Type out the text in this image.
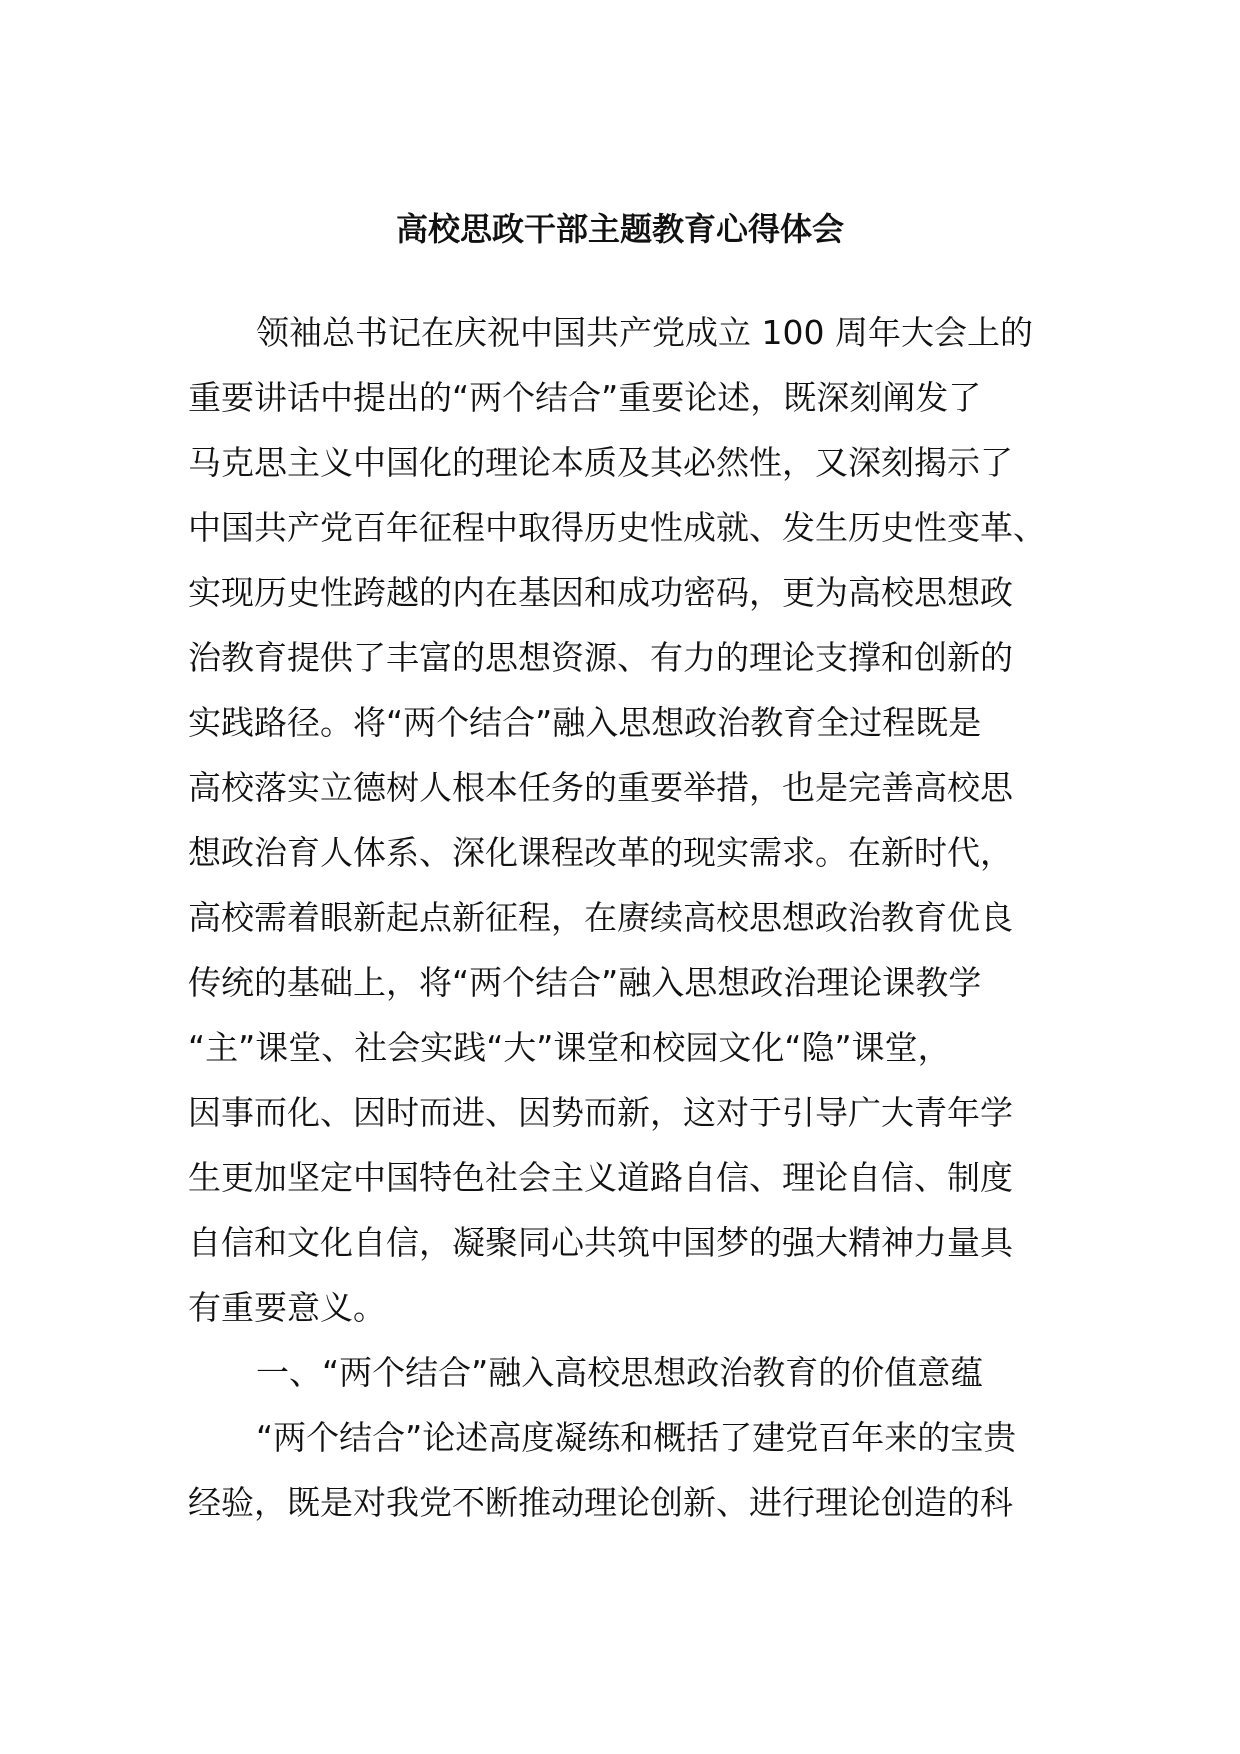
高校思政干部主题教育心得体会
领袖总书记在庆祝中国共产党成立 100 周年大会上的
重要讲话中提出的“两个结合”重要论述，既深刻阐发了
马克思主义中国化的理论本质及其必然性，又深刻揭示了
中国共产党百年征程中取得历史性成就、发生历史性变革、
实现历史性跨越的内在基因和成功密码，更为高校思想政
治教育提供了丰富的思想资源、有力的理论支撑和创新的
实践路径。将“两个结合”融入思想政治教育全过程既是
高校落实立德树人根本任务的重要举措，也是完善高校思
想政治育人体系、深化课程改革的现实需求。在新时代，
高校需着眼新起点新征程，在赓续高校思想政治教育优良
传统的基础上，将“两个结合”融入思想政治理论课教学
“主”课堂、社会实践“大”课堂和校园文化“隐”课堂，
因事而化、因时而进、因势而新，这对于引导广大青年学
生更加坚定中国特色社会主义道路自信、理论自信、制度
自信和文化自信，凝聚同心共筑中国梦的强大精神力量具
有重要意义。
一、“两个结合”融入高校思想政治教育的价值意蕴
“两个结合”论述高度凝练和概括了建党百年来的宝贵
经验，既是对我党不断推动理论创新、进行理论创造的科
